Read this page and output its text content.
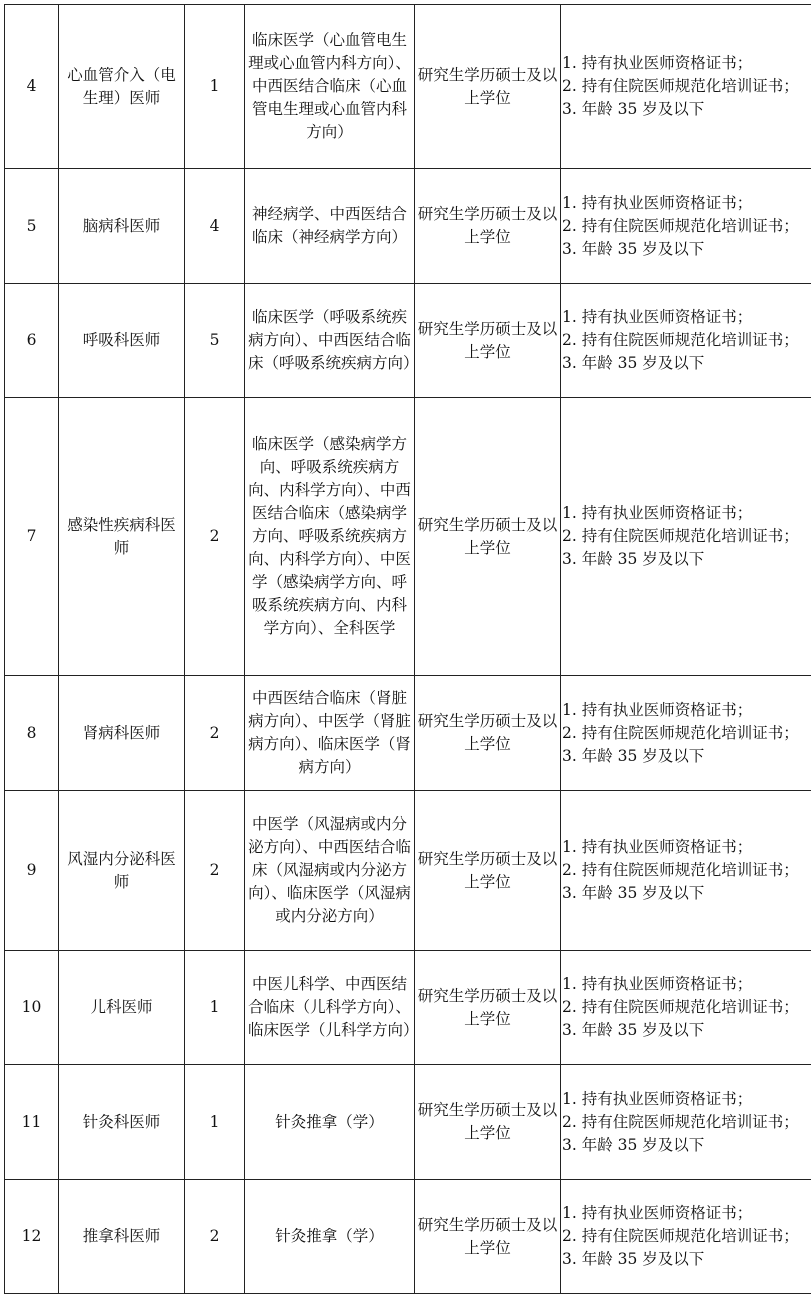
4	心血管介入（电生理）医师	1	临床医学（心血管电生理或心血管内科方向）、中西医结合临床（心血管电生理或心血管内科方向）	研究生学历硕士及以上学位	1. 持有执业医师资格证书；
2. 持有住院医师规范化培训证书；
3. 年龄 35 岁及以下

5	脑病科医师	4	神经病学、中西医结合临床（神经病学方向）	研究生学历硕士及以上学位	1. 持有执业医师资格证书；
2. 持有住院医师规范化培训证书；
3. 年龄 35 岁及以下

6	呼吸科医师	5	临床医学（呼吸系统疾病方向）、中西医结合临床（呼吸系统疾病方向）	研究生学历硕士及以上学位	1. 持有执业医师资格证书；
2. 持有住院医师规范化培训证书；
3. 年龄 35 岁及以下

7	感染性疾病科医师	2	临床医学（感染病学方向、呼吸系统疾病方向、内科学方向）、中西医结合临床（感染病学方向、呼吸系统疾病方向、内科学方向）、中医学（感染病学方向、呼吸系统疾病方向、内科学方向）、全科医学	研究生学历硕士及以上学位	1. 持有执业医师资格证书；
2. 持有住院医师规范化培训证书；
3. 年龄 35 岁及以下

8	肾病科医师	2	中西医结合临床（肾脏病方向）、中医学（肾脏病方向）、临床医学（肾病方向）	研究生学历硕士及以上学位	1. 持有执业医师资格证书；
2. 持有住院医师规范化培训证书；
3. 年龄 35 岁及以下

9	风湿内分泌科医师	2	中医学（风湿病或内分泌方向）、中西医结合临床（风湿病或内分泌方向）、临床医学（风湿病或内分泌方向）	研究生学历硕士及以上学位	1. 持有执业医师资格证书；
2. 持有住院医师规范化培训证书；
3. 年龄 35 岁及以下

10	儿科医师	1	中医儿科学、中西医结合临床（儿科学方向）、临床医学（儿科学方向）	研究生学历硕士及以上学位	1. 持有执业医师资格证书；
2. 持有住院医师规范化培训证书；
3. 年龄 35 岁及以下

11	针灸科医师	1	针灸推拿（学）	研究生学历硕士及以上学位	1. 持有执业医师资格证书；
2. 持有住院医师规范化培训证书；
3. 年龄 35 岁及以下

12	推拿科医师	2	针灸推拿（学）	研究生学历硕士及以上学位	1. 持有执业医师资格证书；
2. 持有住院医师规范化培训证书；
3. 年龄 35 岁及以下
